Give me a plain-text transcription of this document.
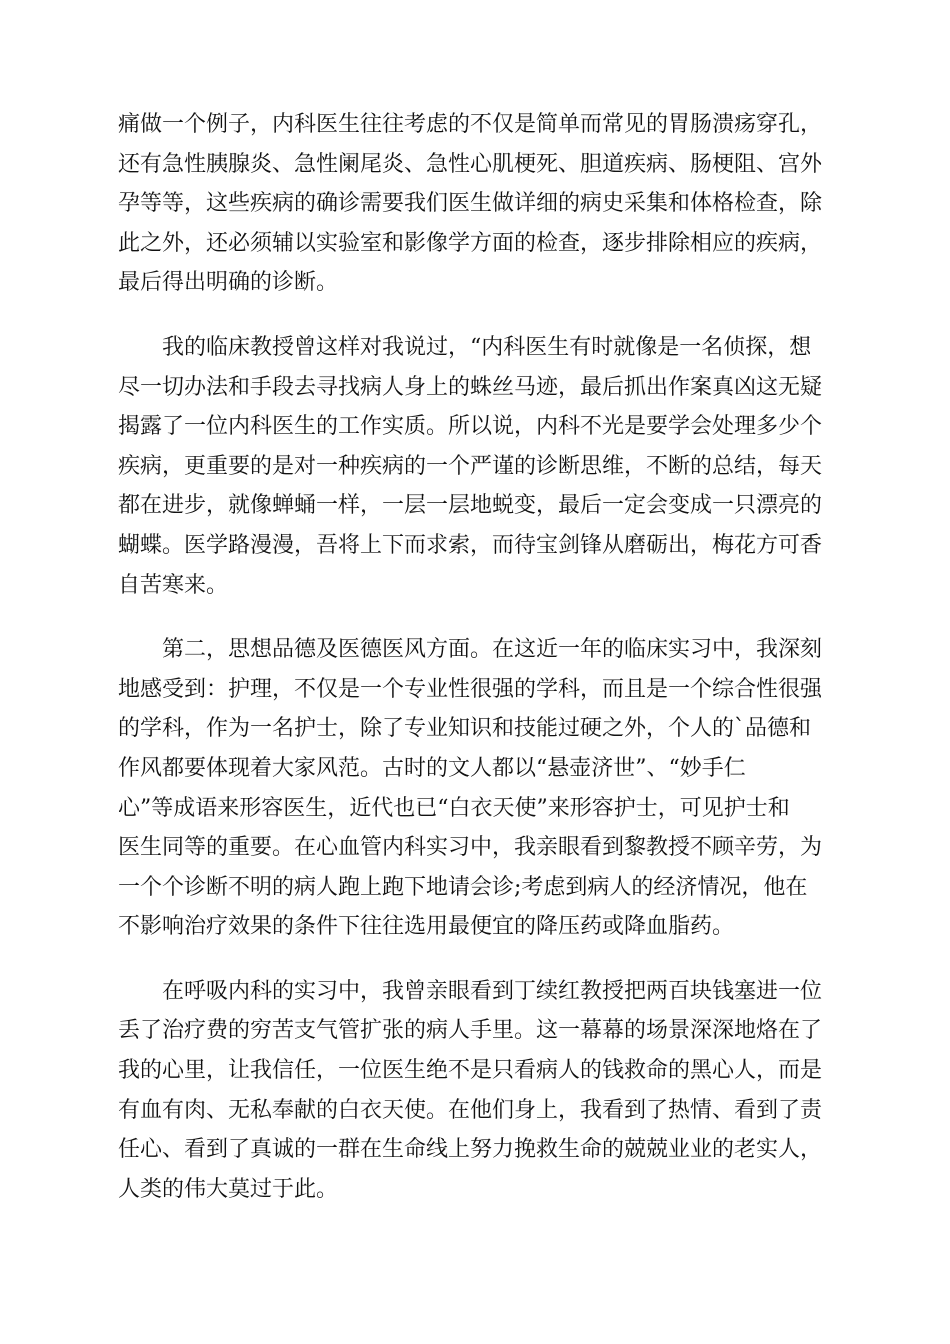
痛做一个例子，内科医生往往考虑的不仅是简单而常见的胃肠溃疡穿孔，
还有急性胰腺炎、急性阑尾炎、急性心肌梗死、胆道疾病、肠梗阻、宫外
孕等等，这些疾病的确诊需要我们医生做详细的病史采集和体格检查，除
此之外，还必须辅以实验室和影像学方面的检查，逐步排除相应的疾病，
最后得出明确的诊断。
我的临床教授曾这样对我说过，“内科医生有时就像是一名侦探，想
尽一切办法和手段去寻找病人身上的蛛丝马迹，最后抓出作案真凶这无疑
揭露了一位内科医生的工作实质。所以说，内科不光是要学会处理多少个
疾病，更重要的是对一种疾病的一个严谨的诊断思维，不断的总结，每天
都在进步，就像蝉蛹一样，一层一层地蜕变，最后一定会变成一只漂亮的
蝴蝶。医学路漫漫，吾将上下而求索，而待宝剑锋从磨砺出，梅花方可香
自苦寒来。
第二，思想品德及医德医风方面。在这近一年的临床实习中，我深刻
地感受到：护理，不仅是一个专业性很强的学科，而且是一个综合性很强
的学科，作为一名护士，除了专业知识和技能过硬之外，个人的`品德和
作风都要体现着大家风范。古时的文人都以“悬壶济世”、“妙手仁
心”等成语来形容医生，近代也已“白衣天使”来形容护士，可见护士和
医生同等的重要。在心血管内科实习中，我亲眼看到黎教授不顾辛劳，为
一个个诊断不明的病人跑上跑下地请会诊;考虑到病人的经济情况，他在
不影响治疗效果的条件下往往选用最便宜的降压药或降血脂药。
在呼吸内科的实习中，我曾亲眼看到丁续红教授把两百块钱塞进一位
丢了治疗费的穷苦支气管扩张的病人手里。这一幕幕的场景深深地烙在了
我的心里，让我信任，一位医生绝不是只看病人的钱救命的黑心人，而是
有血有肉、无私奉献的白衣天使。在他们身上，我看到了热情、看到了责
任心、看到了真诚的一群在生命线上努力挽救生命的兢兢业业的老实人，
人类的伟大莫过于此。
